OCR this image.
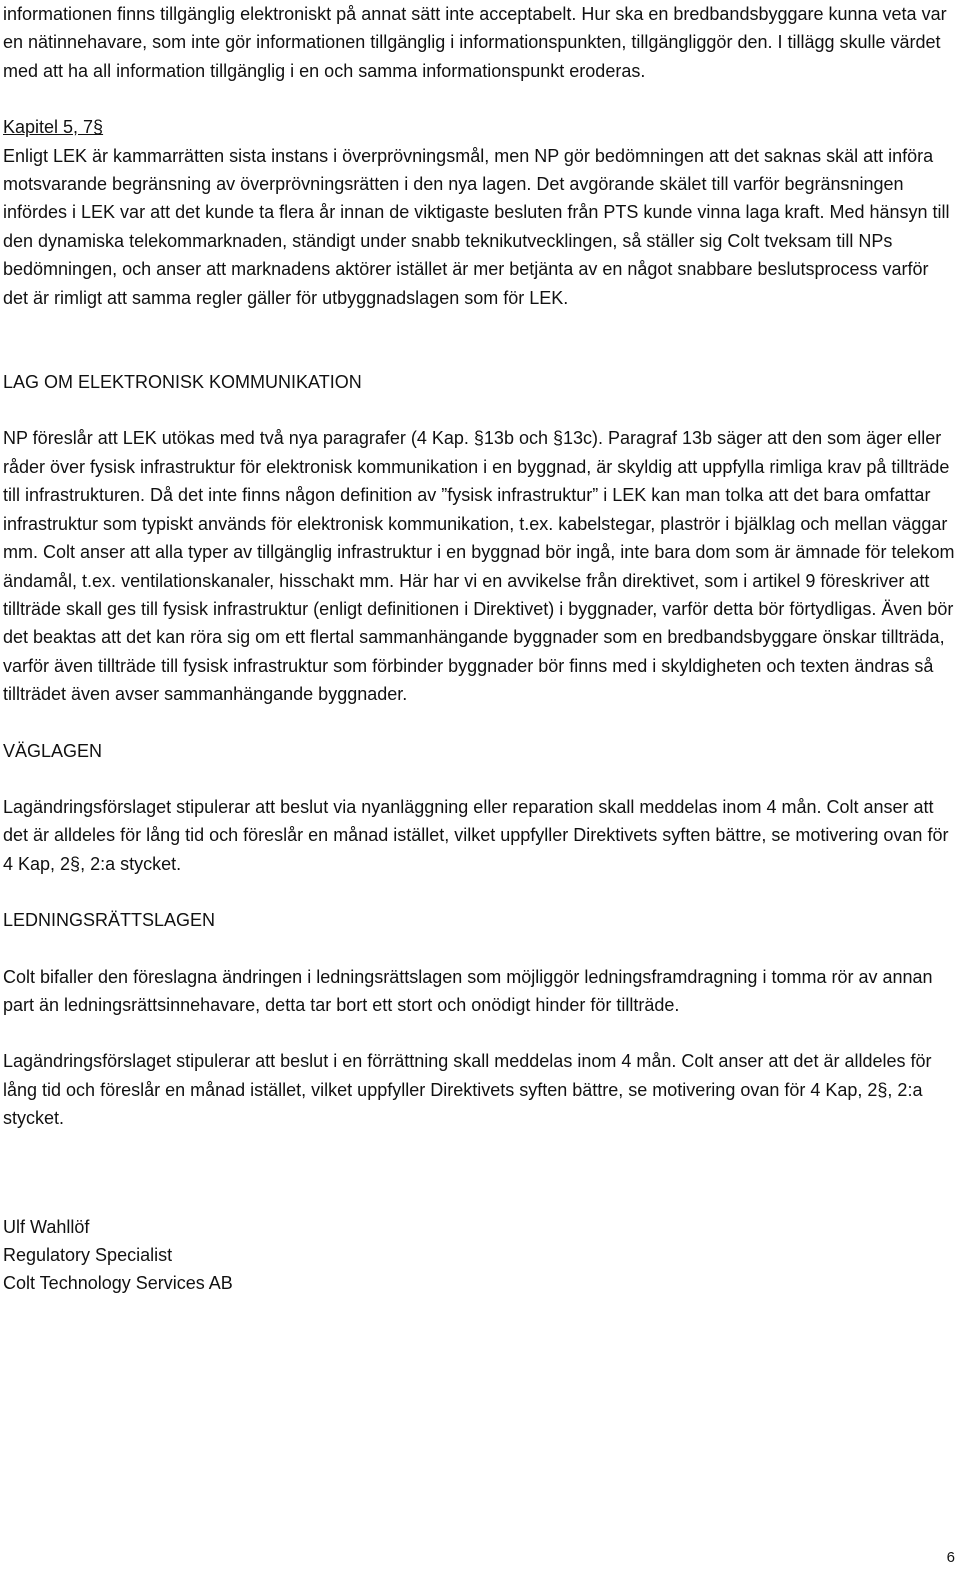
informationen finns tillgänglig elektroniskt på annat sätt inte acceptabelt. Hur ska en bredbandsbyggare kunna veta var en nätinnehavare, som inte gör informationen tillgänglig i informationspunkten, tillgängliggör den. I tillägg skulle värdet med att ha all information tillgänglig i en och samma informationspunkt eroderas.

Kapitel 5, 7§

Enligt LEK är kammarrätten sista instans i överprövningsmål, men NP gör bedömningen att det saknas skäl att införa motsvarande begränsning av överprövningsrätten i den nya lagen. Det avgörande skälet till varför begränsningen infördes i LEK var att det kunde ta flera år innan de viktigaste besluten från PTS kunde vinna laga kraft. Med hänsyn till den dynamiska telekommarknaden, ständigt under snabb teknikutvecklingen, så ställer sig Colt tveksam till NPs bedömningen, och anser att marknadens aktörer istället är mer betjänta av en något snabbare beslutsprocess varför det är rimligt att samma regler gäller för utbyggnadslagen som för LEK.

LAG OM ELEKTRONISK KOMMUNIKATION

NP föreslår att LEK utökas med två nya paragrafer (4 Kap. §13b och §13c). Paragraf 13b säger att den som äger eller råder över fysisk infrastruktur för elektronisk kommunikation i en byggnad, är skyldig att uppfylla rimliga krav på tillträde till infrastrukturen. Då det inte finns någon definition av ”fysisk infrastruktur” i LEK kan man tolka att det bara omfattar infrastruktur som typiskt används för elektronisk kommunikation, t.ex. kabelstegar, plaströr i bjälklag och mellan väggar mm. Colt anser att alla typer av tillgänglig infrastruktur i en byggnad bör ingå, inte bara dom som är ämnade för telekom ändamål, t.ex. ventilationskanaler, hisschakt mm. Här har vi en avvikelse från direktivet, som i artikel 9 föreskriver att tillträde skall ges till fysisk infrastruktur (enligt definitionen i Direktivet) i byggnader, varför detta bör förtydligas. Även bör det beaktas att det kan röra sig om ett flertal sammanhängande byggnader som en bredbandsbyggare önskar tillträda, varför även tillträde till fysisk infrastruktur som förbinder byggnader bör finns med i skyldigheten och texten ändras så tillträdet även avser sammanhängande byggnader.

VÄGLAGEN

Lagändringsförslaget stipulerar att beslut via nyanläggning eller reparation skall meddelas inom 4 mån. Colt anser att det är alldeles för lång tid och föreslår en månad istället, vilket uppfyller Direktivets syften bättre, se motivering ovan för 4 Kap, 2§, 2:a stycket.

LEDNINGSRÄTTSLAGEN

Colt bifaller den föreslagna ändringen i ledningsrättslagen som möjliggör ledningsframdragning i tomma rör av annan part än ledningsrättsinnehavare, detta tar bort ett stort och onödigt hinder för tillträde.

Lagändringsförslaget stipulerar att beslut i en förrättning skall meddelas inom 4 mån. Colt anser att det är alldeles för lång tid och föreslår en månad istället, vilket uppfyller Direktivets syften bättre, se motivering ovan för 4 Kap, 2§, 2:a stycket.

Ulf Wahllöf

Regulatory Specialist

Colt Technology Services AB

6
